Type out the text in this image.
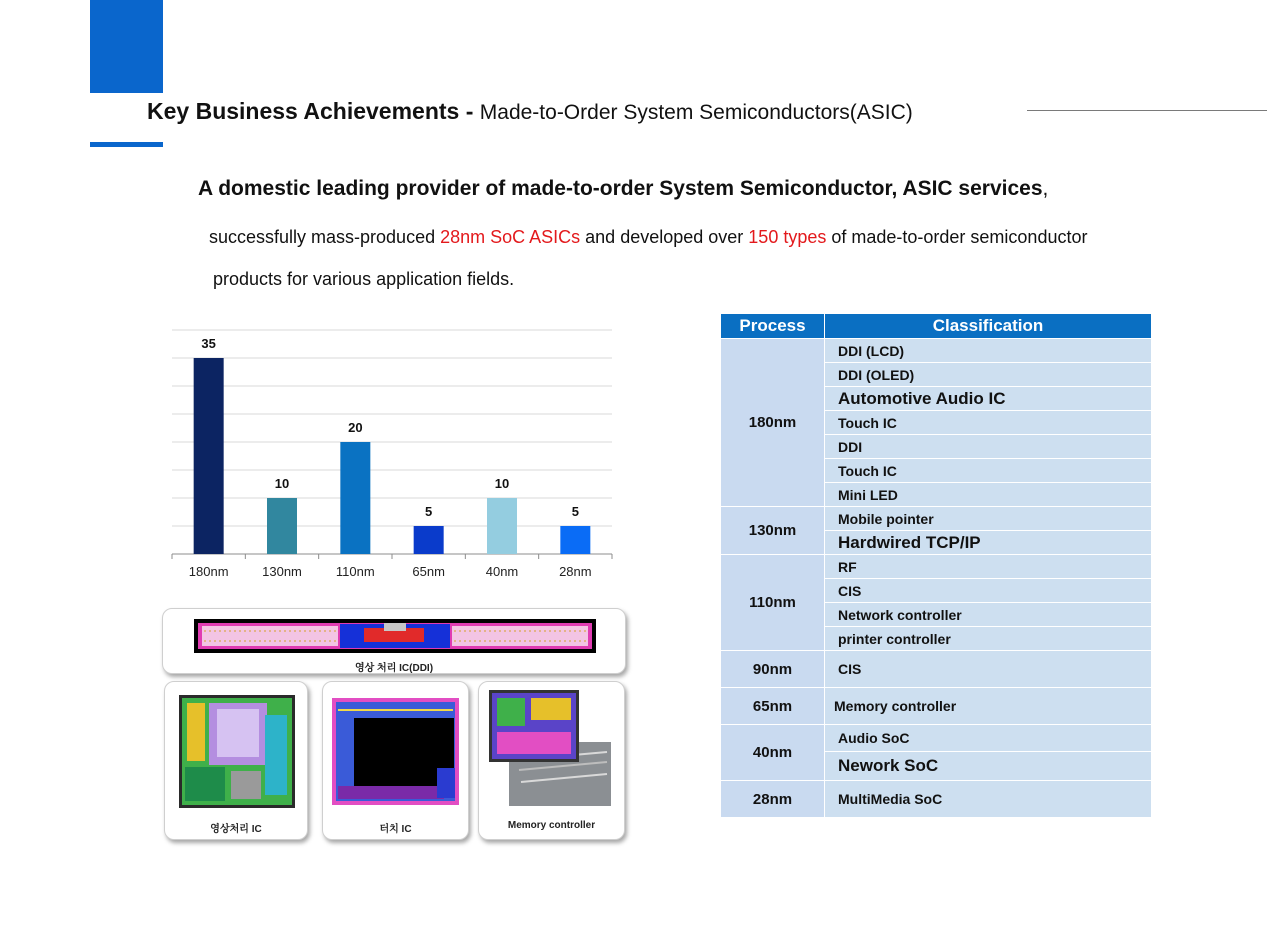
Key Business Achievements - Made-to-Order System Semiconductors(ASIC)
A domestic leading provider of made-to-order System Semiconductor, ASIC services,
successfully mass-produced 28nm SoC ASICs and developed over 150 types of made-to-order semiconductor
products for various application fields.
35
180nm
10
130nm
20
110nm
5
65nm
10
40nm
5
28nm
영상 처리 IC(DDI)
영상처리 IC	터치 IC	Memory controller
Process	Classification
180nm	DDI (LCD)
	DDI (OLED)
	Automotive Audio IC
	Touch IC
	DDI
	Touch IC
	Mini LED
130nm	Mobile pointer
	Hardwired TCP/IP
110nm	RF
	CIS
	Network controller
	printer controller
90nm	CIS
65nm	Memory controller
40nm	Audio SoC
	Nework SoC
28nm	MultiMedia SoC
